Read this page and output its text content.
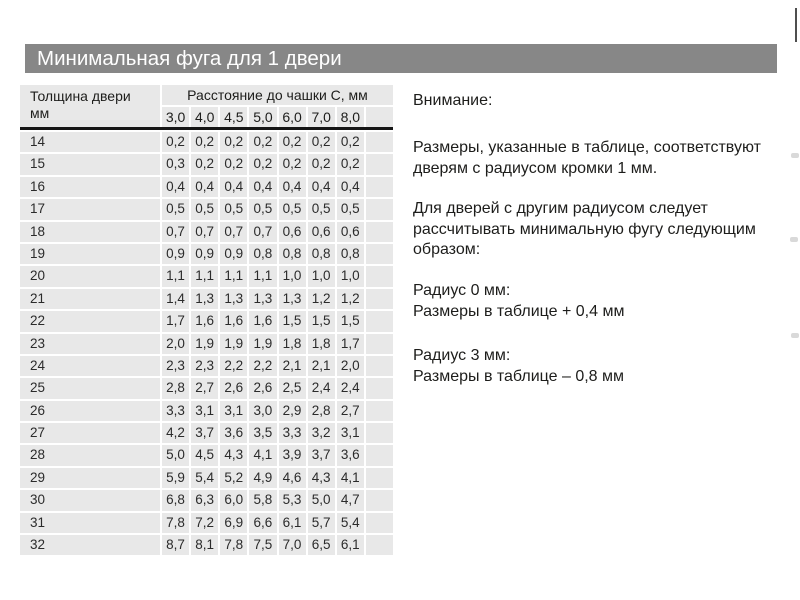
Минимальная фуга для 1 двери
Толщина двери
мм
Расстояние до чашки C, мм
3,0 4,0 4,5 5,0 6,0 7,0 8,0
14	0,2 0,2 0,2 0,2 0,2 0,2 0,2
15	0,3 0,2 0,2 0,2 0,2 0,2 0,2
16	0,4 0,4 0,4 0,4 0,4 0,4 0,4
17	0,5 0,5 0,5 0,5 0,5 0,5 0,5
18	0,7 0,7 0,7 0,7 0,6 0,6 0,6
19	0,9 0,9 0,9 0,8 0,8 0,8 0,8
20	1,1 1,1 1,1 1,1 1,0 1,0 1,0
21	1,4 1,3 1,3 1,3 1,3 1,2 1,2
22	1,7 1,6 1,6 1,6 1,5 1,5 1,5
23	2,0 1,9 1,9 1,9 1,8 1,8 1,7
24	2,3 2,3 2,2 2,2 2,1 2,1 2,0
25	2,8 2,7 2,6 2,6 2,5 2,4 2,4
26	3,3 3,1 3,1 3,0 2,9 2,8 2,7
27	4,2 3,7 3,6 3,5 3,3 3,2 3,1
28	5,0 4,5 4,3 4,1 3,9 3,7 3,6
29	5,9 5,4 5,2 4,9 4,6 4,3 4,1
30	6,8 6,3 6,0 5,8 5,3 5,0 4,7
31	7,8 7,2 6,9 6,6 6,1 5,7 5,4
32	8,7 8,1 7,8 7,5 7,0 6,5 6,1
Внимание:
Размеры, указанные в таблице, соответствуют дверям с радиусом кромки 1 мм.
Для дверей с другим радиусом следует рассчитывать минимальную фугу следующим образом:
Радиус 0 мм:
Размеры в таблице + 0,4 мм
Радиус 3 мм:
Размеры в таблице – 0,8 мм
